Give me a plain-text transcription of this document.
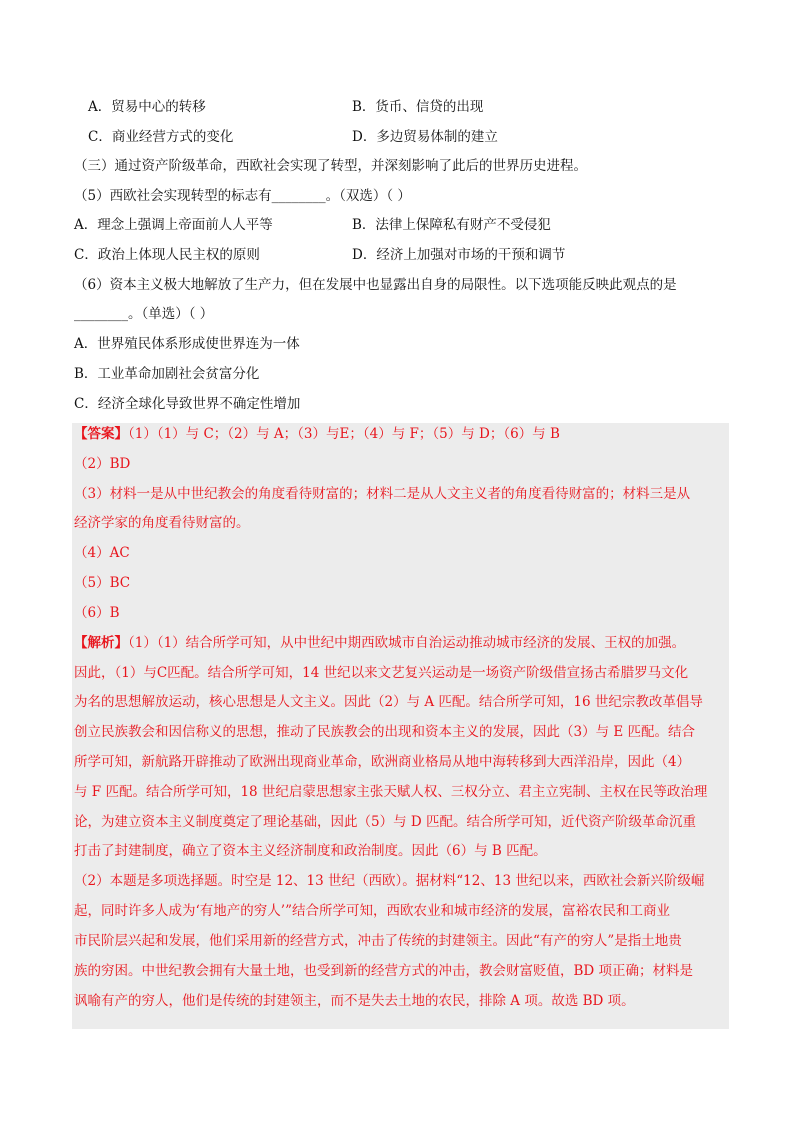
A．贸易中心的转移	B．货币、信贷的出现
C．商业经营方式的变化	D．多边贸易体制的建立
（三）通过资产阶级革命，西欧社会实现了转型，并深刻影响了此后的世界历史进程。
（5）西欧社会实现转型的标志有________。（双选）（ ）
A．理念上强调上帝面前人人平等	B．法律上保障私有财产不受侵犯
C．政治上体现人民主权的原则	D．经济上加强对市场的干预和调节
（6）资本主义极大地解放了生产力，但在发展中也显露出自身的局限性。以下选项能反映此观点的是
________。（单选）（ ）
A．世界殖民体系形成使世界连为一体
B．工业革命加剧社会贫富分化
C．经济全球化导致世界不确定性增加
【答案】（1）（1）与 C；（2）与 A；（3）与E；（4）与 F；（5）与 D；（6）与 B
（2）BD
（3）材料一是从中世纪教会的角度看待财富的；材料二是从人文主义者的角度看待财富的；材料三是从
经济学家的角度看待财富的。
（4）AC
（5）BC
（6）B
【解析】（1）（1）结合所学可知，从中世纪中期西欧城市自治运动推动城市经济的发展、王权的加强。
因此，（1）与C匹配。结合所学可知，14 世纪以来文艺复兴运动是一场资产阶级借宣扬古希腊罗马文化
为名的思想解放运动，核心思想是人文主义。因此（2）与 A 匹配。结合所学可知，16 世纪宗教改革倡导
创立民族教会和因信称义的思想，推动了民族教会的出现和资本主义的发展，因此（3）与 E 匹配。结合
所学可知，新航路开辟推动了欧洲出现商业革命，欧洲商业格局从地中海转移到大西洋沿岸，因此（4）
与 F 匹配。结合所学可知，18 世纪启蒙思想家主张天赋人权、三权分立、君主立宪制、主权在民等政治理
论，为建立资本主义制度奠定了理论基础，因此（5）与 D 匹配。结合所学可知，近代资产阶级革命沉重
打击了封建制度，确立了资本主义经济制度和政治制度。因此（6）与 B 匹配。
（2）本题是多项选择题。时空是 12、13 世纪（西欧）。据材料“12、13 世纪以来，西欧社会新兴阶级崛
起，同时许多人成为‘有地产的穷人’”结合所学可知，西欧农业和城市经济的发展，富裕农民和工商业
市民阶层兴起和发展，他们采用新的经营方式，冲击了传统的封建领主。因此“有产的穷人”是指土地贵
族的穷困。中世纪教会拥有大量土地，也受到新的经营方式的冲击，教会财富贬值，BD 项正确；材料是
讽喻有产的穷人，他们是传统的封建领主，而不是失去土地的农民，排除 A 项。故选 BD 项。
